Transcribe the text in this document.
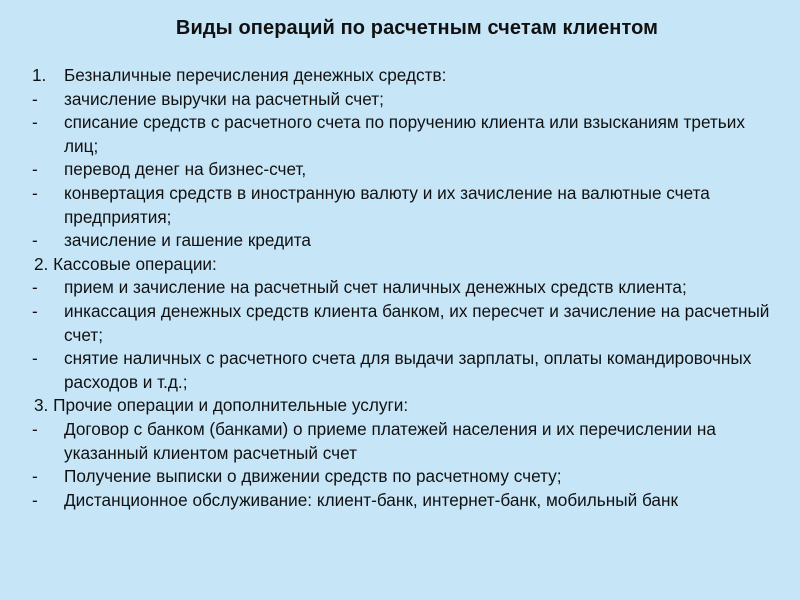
Виды операций по расчетным счетам клиентом
1. Безналичные перечисления денежных средств:
- зачисление выручки на расчетный счет;
- списание средств с расчетного счета по поручению клиента или взысканиям третьих лиц;
- перевод денег на бизнес-счет,
- конвертация средств в иностранную валюту и их зачисление на валютные счета предприятия;
- зачисление и гашение кредита
2. Кассовые операции:
- прием и зачисление на расчетный счет наличных денежных средств клиента;
- инкассация денежных средств клиента банком, их пересчет и зачисление на расчетный счет;
- снятие наличных с расчетного счета для выдачи зарплаты, оплаты командировочных расходов и т.д.;
3. Прочие операции и дополнительные услуги:
- Договор с банком (банками) о приеме платежей населения и их перечислении на указанный клиентом расчетный счет
- Получение выписки о движении средств по расчетному счету;
- Дистанционное обслуживание: клиент-банк, интернет-банк, мобильный банк
